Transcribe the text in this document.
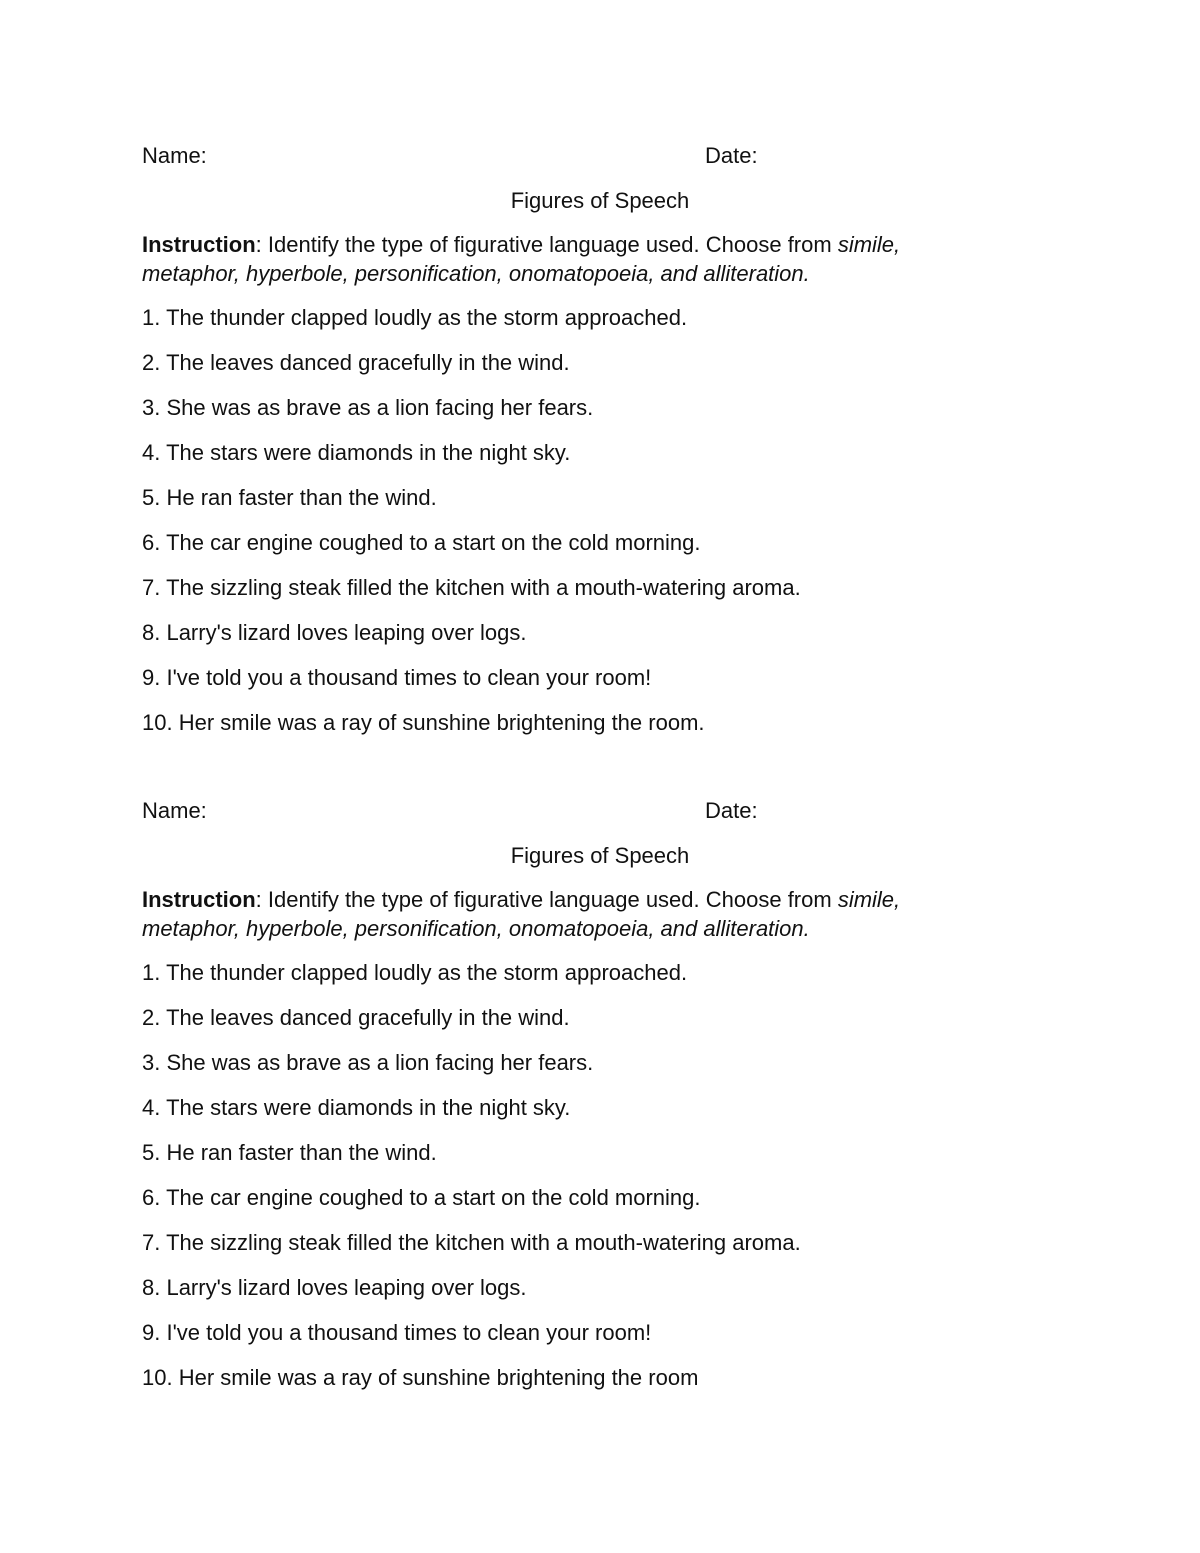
Name:	Date:
Figures of Speech
Instruction: Identify the type of figurative language used. Choose from simile, metaphor, hyperbole, personification, onomatopoeia, and alliteration.
1. The thunder clapped loudly as the storm approached.
2. The leaves danced gracefully in the wind.
3. She was as brave as a lion facing her fears.
4. The stars were diamonds in the night sky.
5. He ran faster than the wind.
6. The car engine coughed to a start on the cold morning.
7. The sizzling steak filled the kitchen with a mouth-watering aroma.
8. Larry's lizard loves leaping over logs.
9. I've told you a thousand times to clean your room!
10. Her smile was a ray of sunshine brightening the room.
Name:	Date:
Figures of Speech
Instruction: Identify the type of figurative language used. Choose from simile, metaphor, hyperbole, personification, onomatopoeia, and alliteration.
1. The thunder clapped loudly as the storm approached.
2. The leaves danced gracefully in the wind.
3. She was as brave as a lion facing her fears.
4. The stars were diamonds in the night sky.
5. He ran faster than the wind.
6. The car engine coughed to a start on the cold morning.
7. The sizzling steak filled the kitchen with a mouth-watering aroma.
8. Larry's lizard loves leaping over logs.
9. I've told you a thousand times to clean your room!
10. Her smile was a ray of sunshine brightening the room
